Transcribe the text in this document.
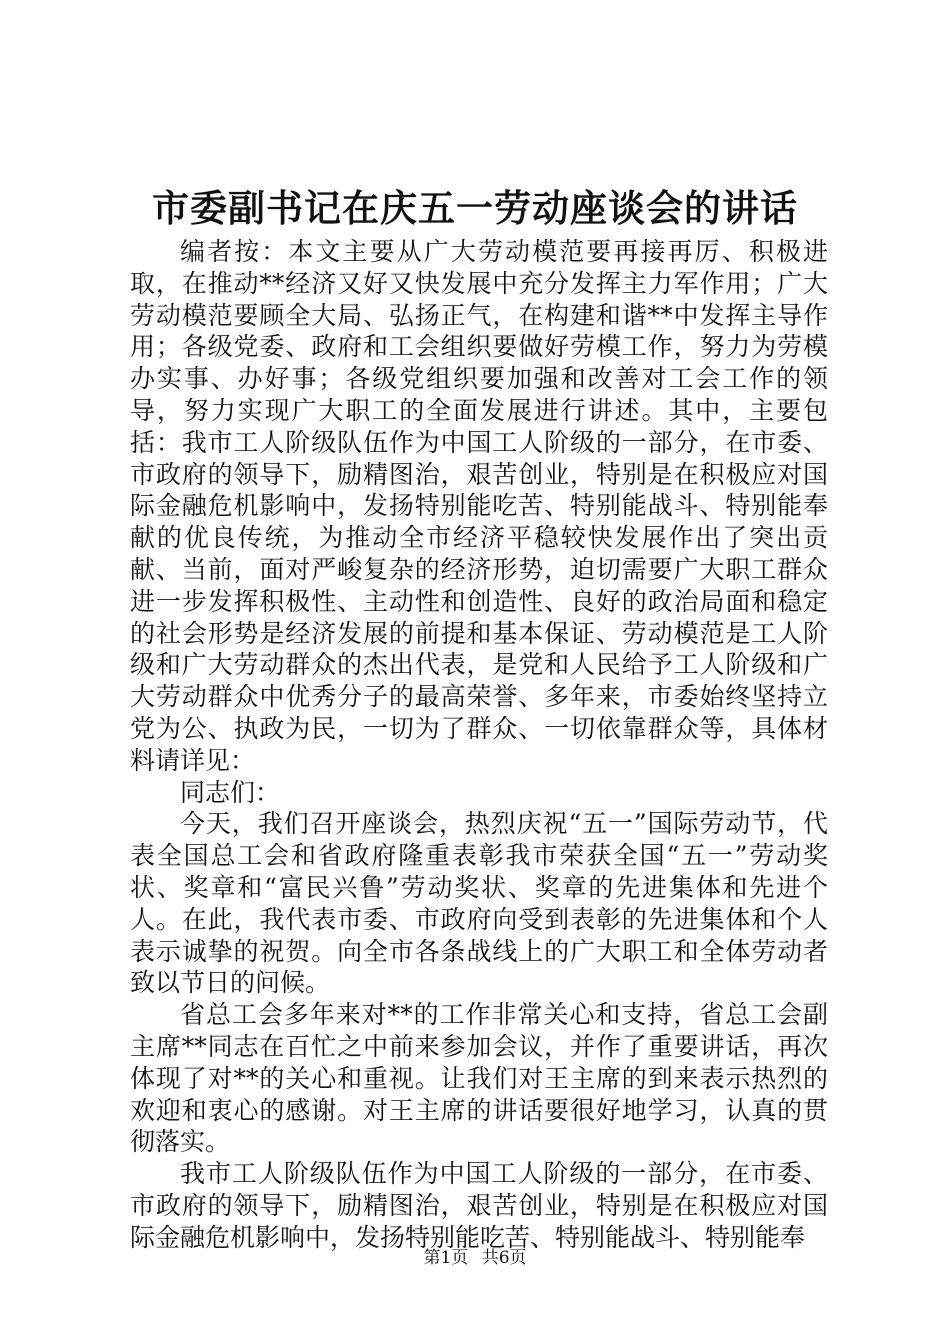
市委副书记在庆五一劳动座谈会的讲话

编者按：本文主要从广大劳动模范要再接再厉、积极进取，在推动**经济又好又快发展中充分发挥主力军作用；广大劳动模范要顾全大局、弘扬正气，在构建和谐**中发挥主导作用；各级党委、政府和工会组织要做好劳模工作，努力为劳模办实事、办好事；各级党组织要加强和改善对工会工作的领导，努力实现广大职工的全面发展进行讲述。其中，主要包括：我市工人阶级队伍作为中国工人阶级的一部分，在市委、市政府的领导下，励精图治，艰苦创业，特别是在积极应对国际金融危机影响中，发扬特别能吃苦、特别能战斗、特别能奉献的优良传统，为推动全市经济平稳较快发展作出了突出贡献、当前，面对严峻复杂的经济形势，迫切需要广大职工群众进一步发挥积极性、主动性和创造性、良好的政治局面和稳定的社会形势是经济发展的前提和基本保证、劳动模范是工人阶级和广大劳动群众的杰出代表，是党和人民给予工人阶级和广大劳动群众中优秀分子的最高荣誉、多年来，市委始终坚持立党为公、执政为民，一切为了群众、一切依靠群众等，具体材料请详见：

同志们：

今天，我们召开座谈会，热烈庆祝“五一”国际劳动节，代表全国总工会和省政府隆重表彰我市荣获全国“五一”劳动奖状、奖章和“富民兴鲁”劳动奖状、奖章的先进集体和先进个人。在此，我代表市委、市政府向受到表彰的先进集体和个人表示诚挚的祝贺。向全市各条战线上的广大职工和全体劳动者致以节日的问候。

省总工会多年来对**的工作非常关心和支持，省总工会副主席**同志在百忙之中前来参加会议，并作了重要讲话，再次体现了对**的关心和重视。让我们对王主席的到来表示热烈的欢迎和衷心的感谢。对王主席的讲话要很好地学习，认真的贯彻落实。

我市工人阶级队伍作为中国工人阶级的一部分，在市委、市政府的领导下，励精图治，艰苦创业，特别是在积极应对国际金融危机影响中，发扬特别能吃苦、特别能战斗、特别能奉

第1页 共6页
